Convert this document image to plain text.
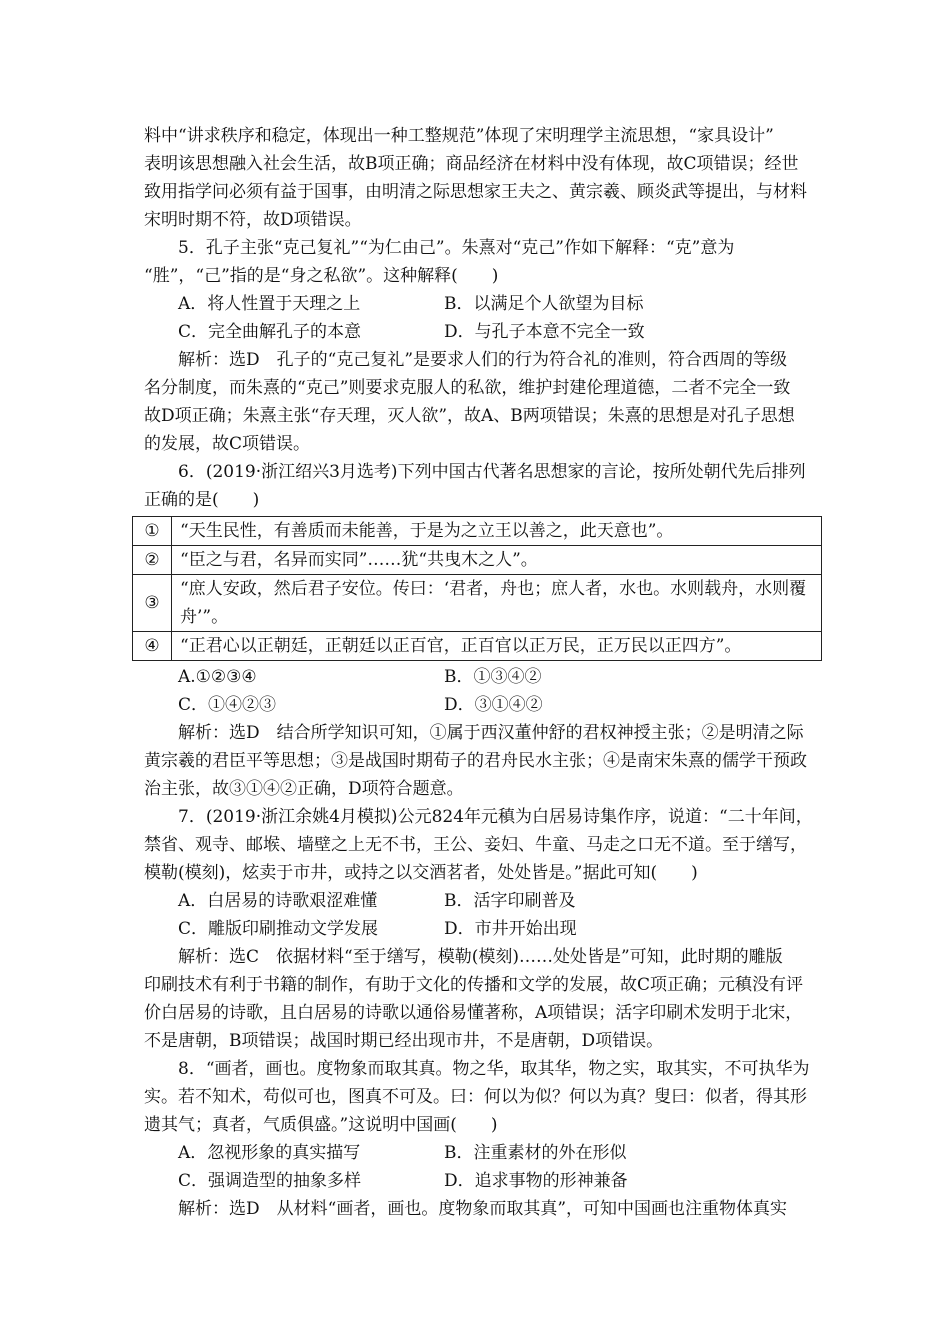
料中“讲求秩序和稳定，体现出一种工整规范”体现了宋明理学主流思想，“家具设计”

表明该思想融入社会生活，故B项正确；商品经济在材料中没有体现，故C项错误；经世

致用指学问必须有益于国事，由明清之际思想家王夫之、黄宗羲、顾炎武等提出，与材料

宋明时期不符，故D项错误。

5．孔子主张“克己复礼”“为仁由己”。朱熹对“克己”作如下解释：“克”意为

“胜”，“己”指的是“身之私欲”。这种解释(　　)

A．将人性置于天理之上	B．以满足个人欲望为目标
C．完全曲解孔子的本意	D．与孔子本意不完全一致

解析：选D　孔子的“克己复礼”是要求人们的行为符合礼的准则，符合西周的等级

名分制度，而朱熹的“克己”则要求克服人的私欲，维护封建伦理道德，二者不完全一致

故D项正确；朱熹主张“存天理，灭人欲”，故A、B两项错误；朱熹的思想是对孔子思想

的发展，故C项错误。

6．(2019·浙江绍兴3月选考)下列中国古代著名思想家的言论，按所处朝代先后排列

正确的是(　　)

①	“天生民性，有善质而未能善，于是为之立王以善之，此天意也”。
②	“臣之与君，名异而实同”……犹“共曳木之人”。
③	“庶人安政，然后君子安位。传曰：‘君者，舟也；庶人者，水也。水则载舟，水则覆舟’”。
④	“正君心以正朝廷，正朝廷以正百官，正百官以正万民，正万民以正四方”。
A.①②③④	B．①③④②
C．①④②③	D．③①④②

解析：选D　结合所学知识可知，①属于西汉董仲舒的君权神授主张；②是明清之际

黄宗羲的君臣平等思想；③是战国时期荀子的君舟民水主张；④是南宋朱熹的儒学干预政

治主张，故③①④②正确，D项符合题意。

7．(2019·浙江余姚4月模拟)公元824年元稹为白居易诗集作序，说道：“二十年间，

禁省、观寺、邮堠、墙壁之上无不书，王公、妾妇、牛童、马走之口无不道。至于缮写，

模勒(模刻)，炫卖于市井，或持之以交酒茗者，处处皆是。”据此可知(　　)

A．白居易的诗歌艰涩难懂	B．活字印刷普及
C．雕版印刷推动文学发展	D．市井开始出现

解析：选C　依据材料“至于缮写，模勒(模刻)……处处皆是”可知，此时期的雕版

印刷技术有利于书籍的制作，有助于文化的传播和文学的发展，故C项正确；元稹没有评

价白居易的诗歌，且白居易的诗歌以通俗易懂著称，A项错误；活字印刷术发明于北宋，

不是唐朝，B项错误；战国时期已经出现市井，不是唐朝，D项错误。

8．“画者，画也。度物象而取其真。物之华，取其华，物之实，取其实，不可执华为

实。若不知术，苟似可也，图真不可及。曰：何以为似？何以为真？叟曰：似者，得其形

遗其气；真者，气质俱盛。”这说明中国画(　　)

A．忽视形象的真实描写	B．注重素材的外在形似
C．强调造型的抽象多样	D．追求事物的形神兼备

解析：选D　从材料“画者，画也。度物象而取其真”，可知中国画也注重物体真实
